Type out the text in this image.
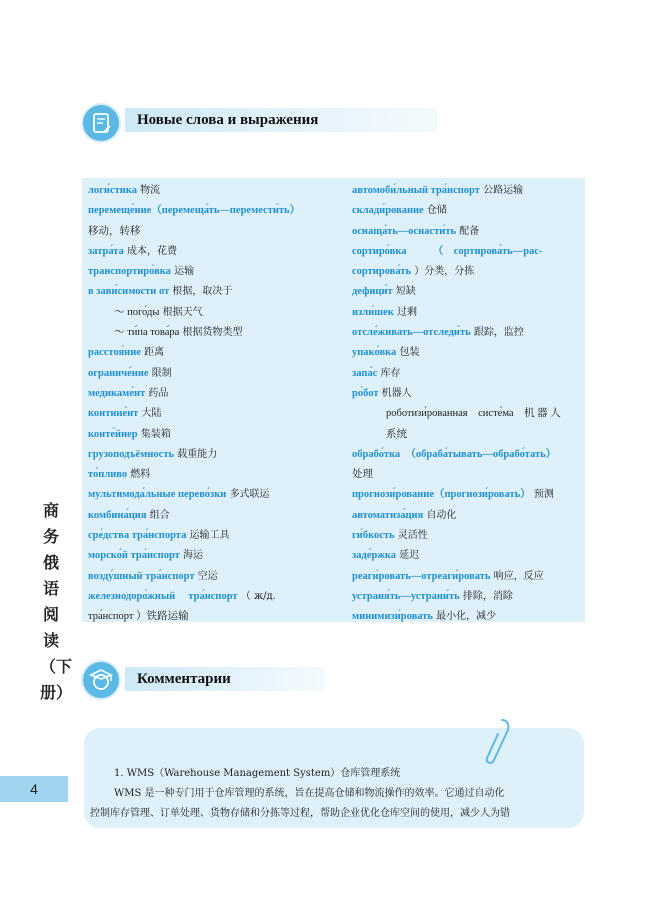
Новые слова и выражения
логи́стика 物流
перемеще́ние（перемеща́ть—перемести́ть）
移动，转移
затра́та 成本，花费
транспортиро́вка 运输
в зави́симости от 根据，取决于
～ пого́ды 根据天气
～ ти́па това́ра 根据货物类型
расстоя́ние 距离
ограниче́ние 限制
медикаме́нт 药品
контине́нт 大陆
конте́йнер 集装箱
грузоподъёмность 载重能力
то́пливо 燃料
мультимода́льные перево́зки 多式联运
комбина́ция 组合
сре́дства тра́нспорта 运输工具
морско́й тра́нспорт 海运
возду́шный тра́нспорт 空运
железнодоро́жный　 тра́нспорт （ ж/д.
тра́нспорт ）铁路运输
автомоби́льный тра́нспорт 公路运输
склади́рование 仓储
оснаща́ть—оснасти́ть 配备
сортиро́вка　　　（　сортирова́ть—рас-
сортирова́ть ）分类，分拣
дефици́т 短缺
изли́шек 过剩
отсле́живать—отследи́ть 跟踪，监控
упако́вка 包装
запа́с 库存
ро́бот 机器人
роботизи́рованная　систе́ма　机 器 人
系统
обрабо́тка　（обраба́тывать—обрабо́тать）
处理
прогнози́рование（прогнози́ровать） 预测
автоматиза́ция 自动化
ги́бкость 灵活性
заде́ржка 延迟
реаги́ровать—отреаги́ровать 响应，反应
устраня́ть—устрани́ть 排除，消除
минимизи́ровать 最小化，减少
商务俄语阅读（下册）
4
Комментарии
1. WMS（Warehouse Management System）仓库管理系统
WMS 是一种专门用于仓库管理的系统，旨在提高仓储和物流操作的效率。它通过自动化
控制库存管理、订单处理、货物存储和分拣等过程，帮助企业优化仓库空间的使用，减少人为错
